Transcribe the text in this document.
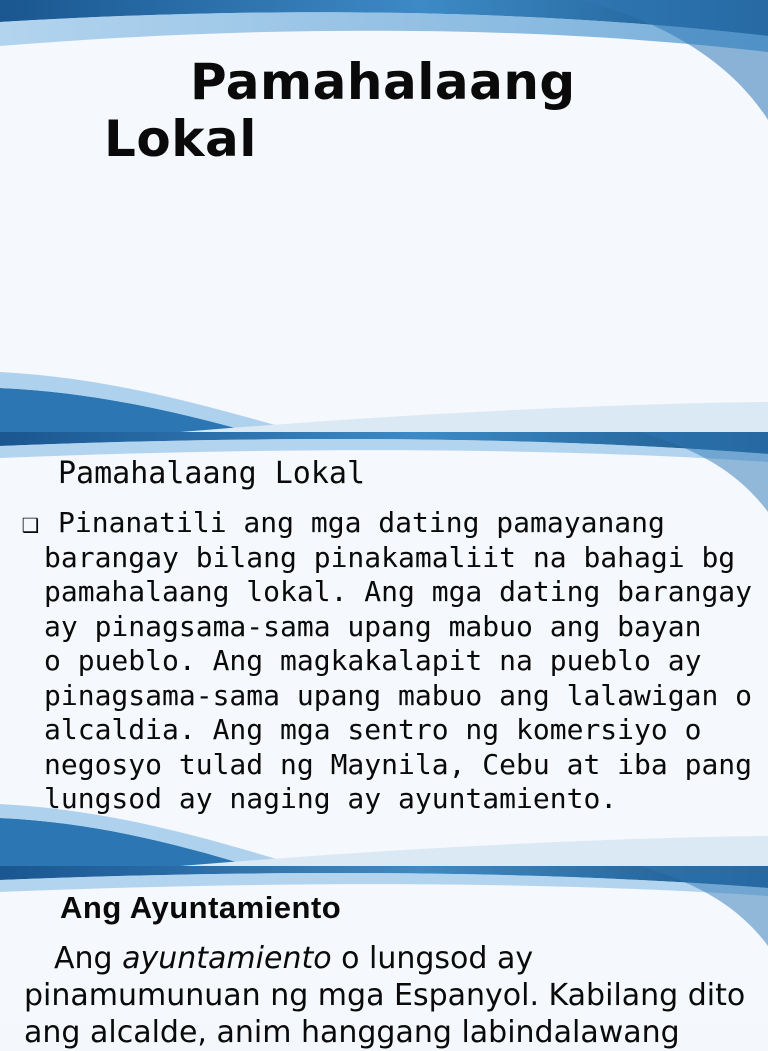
Pamahalaang
Lokal
Pamahalaang Lokal
❑ Pinanatili ang mga dating pamayanang
barangay bilang pinakamaliit na bahagi bg
pamahalaang lokal. Ang mga dating barangay
ay pinagsama-sama upang mabuo ang bayan
o pueblo. Ang magkakalapit na pueblo ay
pinagsama-sama upang mabuo ang lalawigan o
alcaldia. Ang mga sentro ng komersiyo o
negosyo tulad ng Maynila, Cebu at iba pang
lungsod ay naging ay ayuntamiento.
Ang Ayuntamiento
Ang ayuntamiento o lungsod ay
pinamumunuan ng mga Espanyol. Kabilang dito
ang alcalde, anim hanggang labindalawang
